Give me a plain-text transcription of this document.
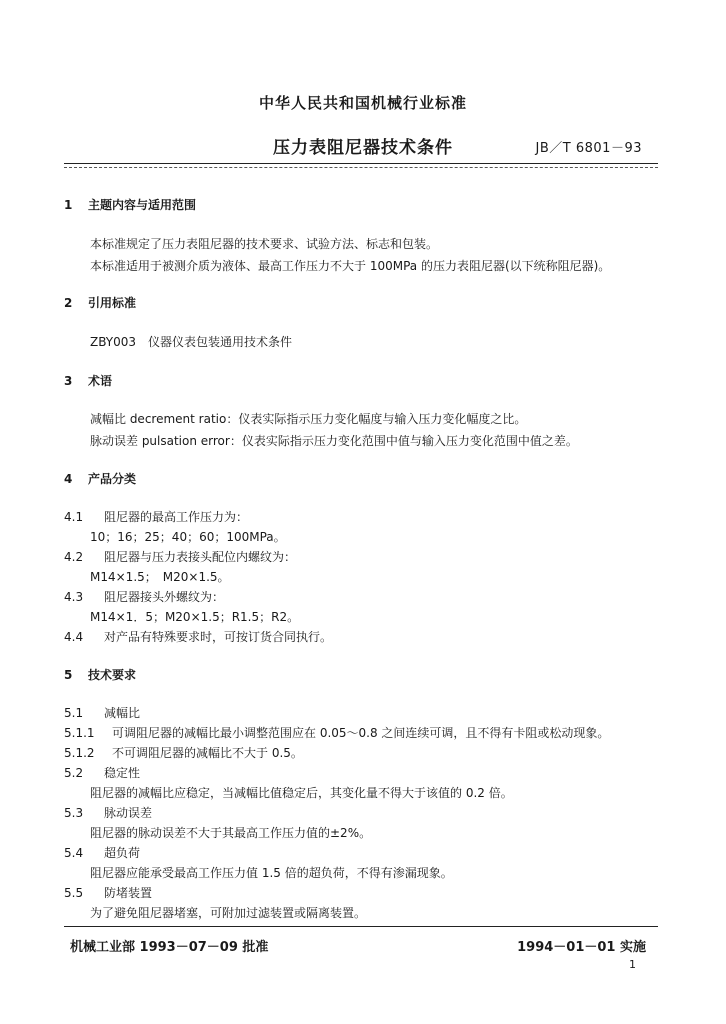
中华人民共和国机械行业标准
压力表阻尼器技术条件	JB／T 6801－93
1 主题内容与适用范围
本标准规定了压力表阻尼器的技术要求、试验方法、标志和包装。
本标准适用于被测介质为液体、最高工作压力不大于 100MPa 的压力表阻尼器(以下统称阻尼器)。
2 引用标准
ZBY003　仪器仪表包装通用技术条件
3 术语
减幅比 decrement ratio：仪表实际指示压力变化幅度与输入压力变化幅度之比。
脉动误差 pulsation error：仪表实际指示压力变化范围中值与输入压力变化范围中值之差。
4 产品分类
4.1 阻尼器的最高工作压力为：
10；16；25；40；60；100MPa。
4.2 阻尼器与压力表接头配位内螺纹为：
M14×1.5；　M20×1.5。
4.3 阻尼器接头外螺纹为：
M14×1．5；M20×1.5；R1.5；R2。
4.4 对产品有特殊要求时，可按订货合同执行。
5 技术要求
5.1 减幅比
5.1.1 可调阻尼器的减幅比最小调整范围应在 0.05～0.8 之间连续可调，且不得有卡阻或松动现象。
5.1.2 不可调阻尼器的减幅比不大于 0.5。
5.2 稳定性
阻尼器的减幅比应稳定，当减幅比值稳定后，其变化量不得大于该值的 0.2 倍。
5.3 脉动误差
阻尼器的脉动误差不大于其最高工作压力值的±2%。
5.4 超负荷
阻尼器应能承受最高工作压力值 1.5 倍的超负荷，不得有渗漏现象。
5.5 防堵装置
为了避免阻尼器堵塞，可附加过滤装置或隔离装置。
机械工业部 1993－07－09 批准	1994－01－01 实施
1
